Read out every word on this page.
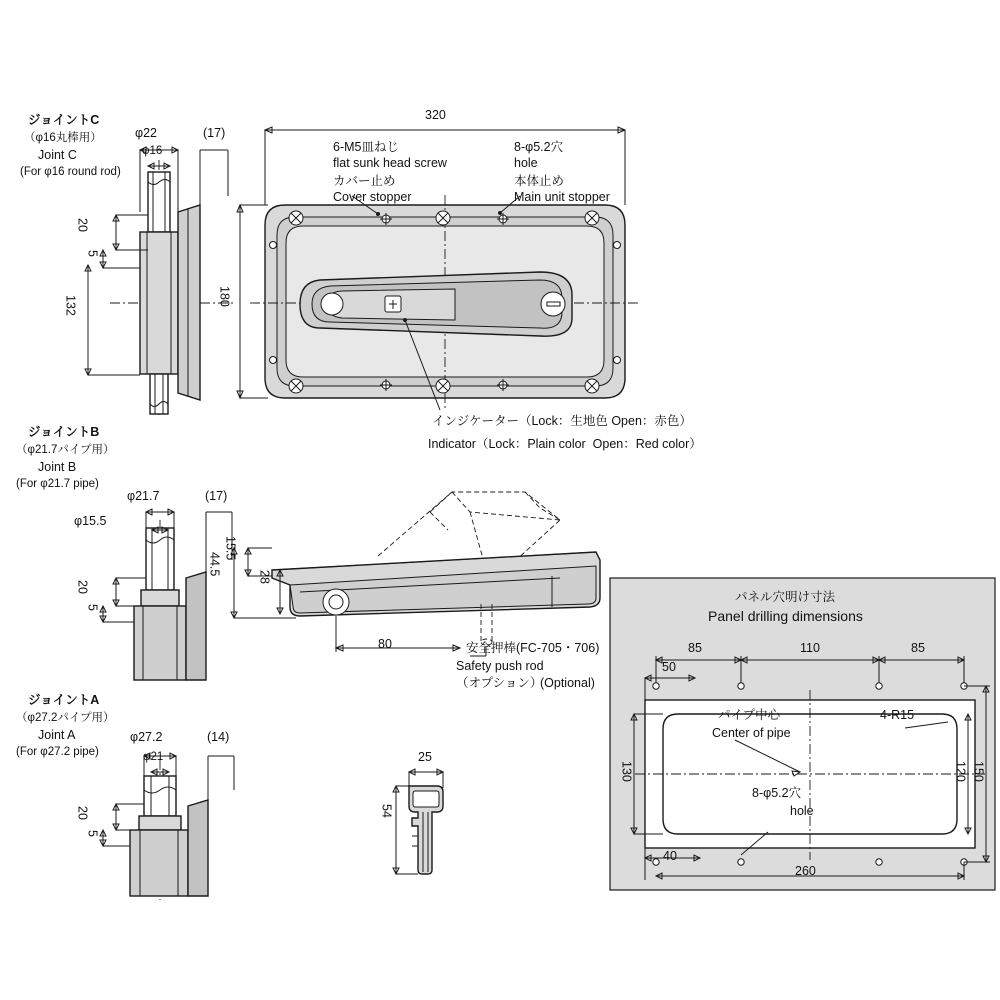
ジョイントC
（φ16丸棒用）
Joint C
(For φ16 round rod)
φ22
φ16
(17)
20
5
132
320
180
6-M5皿ねじ
flat sunk head screw
カバー止め
Cover stopper
8-φ5.2穴
hole
本体止め
Main unit stopper
インジケーター（Lock：生地色 Open：赤色）
Indicator（Lock：Plain color  Open：Red color）
ジョイントB
（φ21.7パイプ用）
Joint B
(For φ21.7 pipe)
φ21.7	(17)
φ15.5
20
5
15.5
44.5
28
80	安全押棒(FC-705・706)
Safety push rod
（オプション）
(Optional)
ジョイントA
（φ27.2パイプ用）
Joint A
(For φ27.2 pipe)
φ27.2	(14)
φ21
20
5
25
54
パネル穴明け寸法
Panel drilling dimensions
85	110	85
50
130	120 150
40
260
パイプ中心
Center of pipe
4-R15
8-φ5.2穴
hole
